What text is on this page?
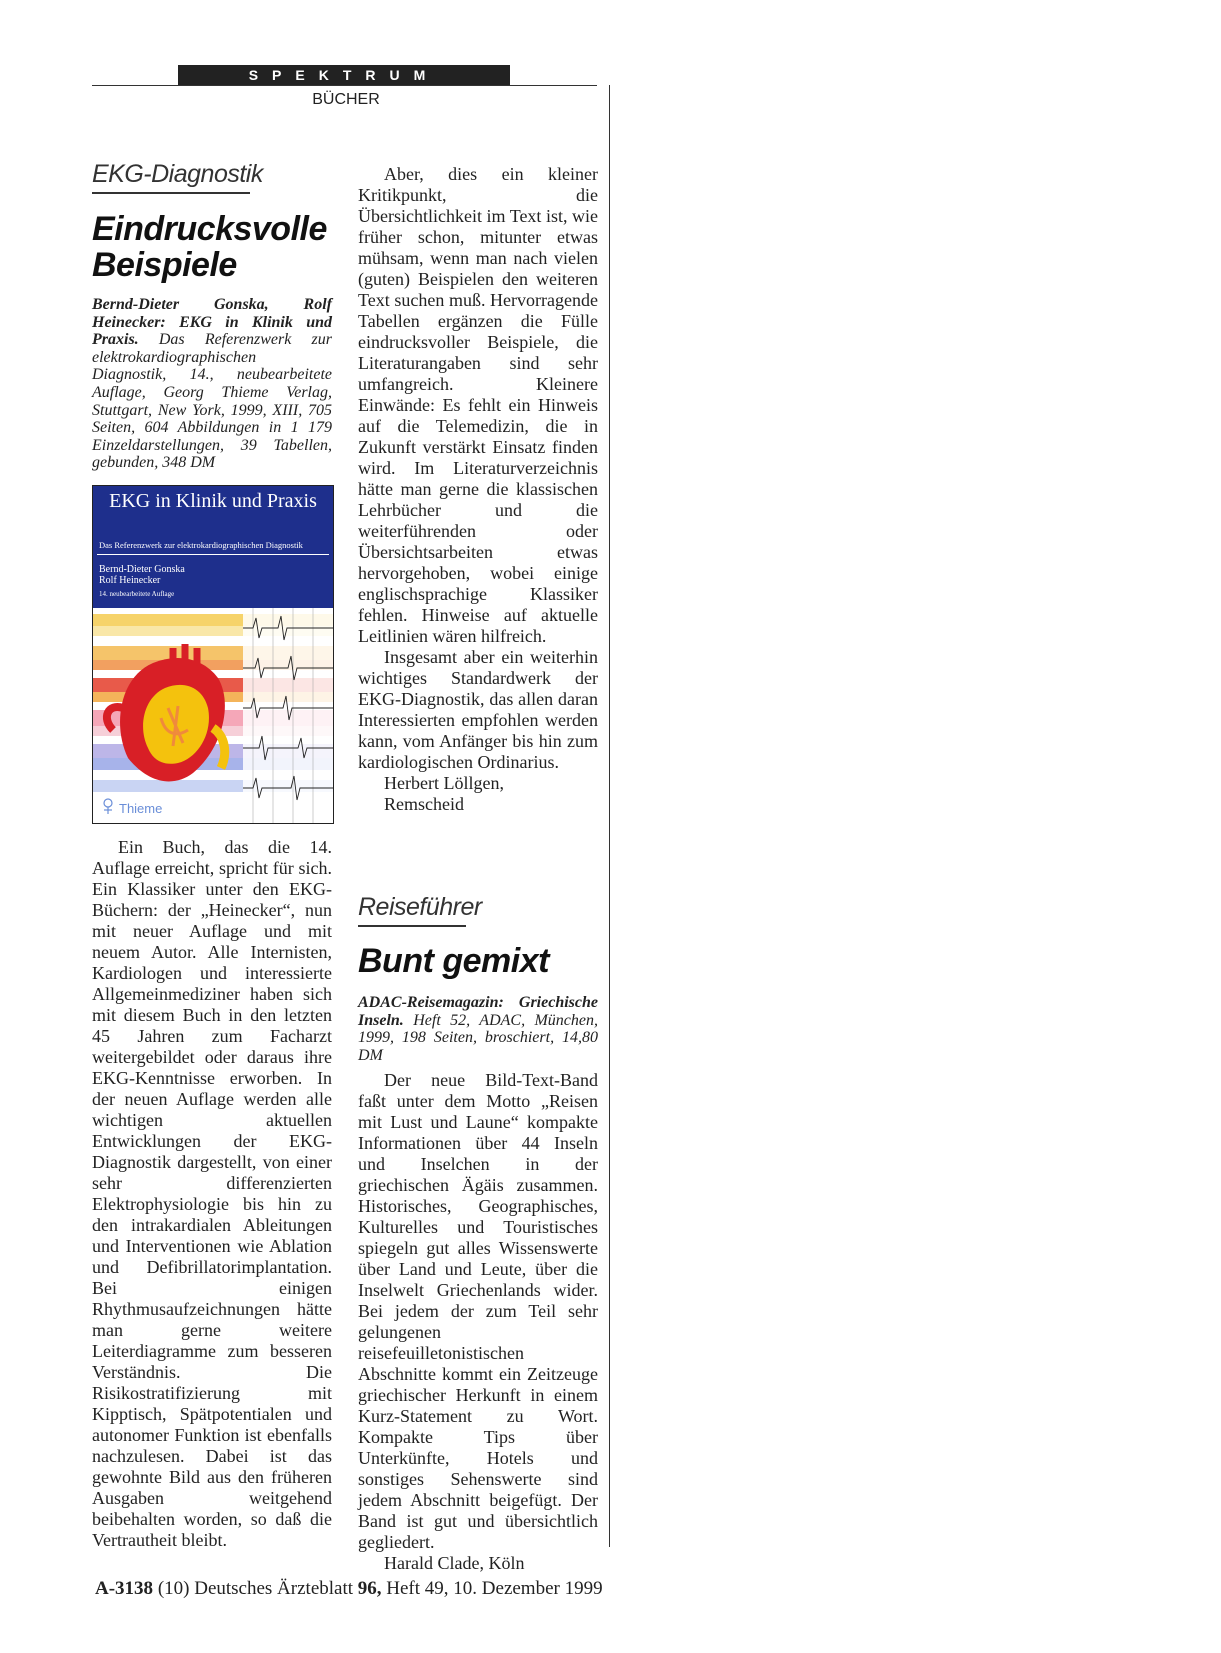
SPEKTRUM
BÜCHER
EKG-Diagnostik
Eindrucksvolle
Beispiele
Bernd-Dieter Gonska, Rolf Heinecker: EKG in Klinik und Praxis. Das Referenzwerk zur elektrokardiographischen Diagnostik, 14., neubearbeitete Auflage, Georg Thieme Verlag, Stuttgart, New York, 1999, XIII, 705 Seiten, 604 Abbildungen in 1 179 Einzeldarstellungen, 39 Tabellen, gebunden, 348 DM
EKG in Klinik und Praxis
Das Referenzwerk zur elektrokardiographischen Diagnostik
Bernd-Dieter Gonska
Rolf Heinecker
14. neubearbeitete Auflage
Thieme

Ein Buch, das die 14. Auflage erreicht, spricht für sich. Ein Klassiker unter den EKG-Büchern: der „Heinecker“, nun mit neuer Auflage und mit neuem Autor. Alle Internisten, Kardiologen und interessierte Allgemeinmediziner haben sich mit diesem Buch in den letzten 45 Jahren zum Facharzt weitergebildet oder daraus ihre EKG-Kenntnisse erworben. In der neuen Auflage werden alle wichtigen aktuellen Entwicklungen der EKG-Diagnostik dargestellt, von einer sehr differenzierten Elektrophysiologie bis hin zu den intrakardialen Ableitungen und Interventionen wie Ablation und Defibrillatorimplantation. Bei einigen Rhythmusaufzeichnungen hätte man gerne weitere Leiterdiagramme zum besseren Verständnis. Die Risikostratifizierung mit Kipptisch, Spätpotentialen und autonomer Funktion ist ebenfalls nachzulesen. Dabei ist das gewohnte Bild aus den früheren Ausgaben weitgehend beibehalten worden, so daß die Vertrautheit bleibt.

Aber, dies ein kleiner Kritikpunkt, die Übersichtlichkeit im Text ist, wie früher schon, mitunter etwas mühsam, wenn man nach vielen (guten) Beispielen den weiteren Text suchen muß. Hervorragende Tabellen ergänzen die Fülle eindrucksvoller Beispiele, die Literaturangaben sind sehr umfangreich. Kleinere Einwände: Es fehlt ein Hinweis auf die Telemedizin, die in Zukunft verstärkt Einsatz finden wird. Im Literaturverzeichnis hätte man gerne die klassischen Lehrbücher und die weiterführenden oder Übersichtsarbeiten etwas hervorgehoben, wobei einige englischsprachige Klassiker fehlen. Hinweise auf aktuelle Leitlinien wären hilfreich.

Insgesamt aber ein weiterhin wichtiges Standardwerk der EKG-Diagnostik, das allen daran Interessierten empfohlen werden kann, vom Anfänger bis hin zum kardiologischen Ordinarius.

Herbert Löllgen,
Remscheid
Reiseführer
Bunt gemixt
ADAC-Reisemagazin: Griechische Inseln. Heft 52, ADAC, München, 1999, 198 Seiten, broschiert, 14,80 DM

Der neue Bild-Text-Band faßt unter dem Motto „Reisen mit Lust und Laune“ kompakte Informationen über 44 Inseln und Inselchen in der griechischen Ägäis zusammen. Historisches, Geographisches, Kulturelles und Touristisches spiegeln gut alles Wissenswerte über Land und Leute, über die Inselwelt Griechenlands wider. Bei jedem der zum Teil sehr gelungenen reisefeuilletonistischen Abschnitte kommt ein Zeitzeuge griechischer Herkunft in einem Kurz-Statement zu Wort. Kompakte Tips über Unterkünfte, Hotels und sonstiges Sehenswerte sind jedem Abschnitt beigefügt. Der Band ist gut und übersichtlich gegliedert.

Harald Clade, Köln
A-3138 (10) Deutsches Ärzteblatt 96, Heft 49, 10. Dezember 1999
